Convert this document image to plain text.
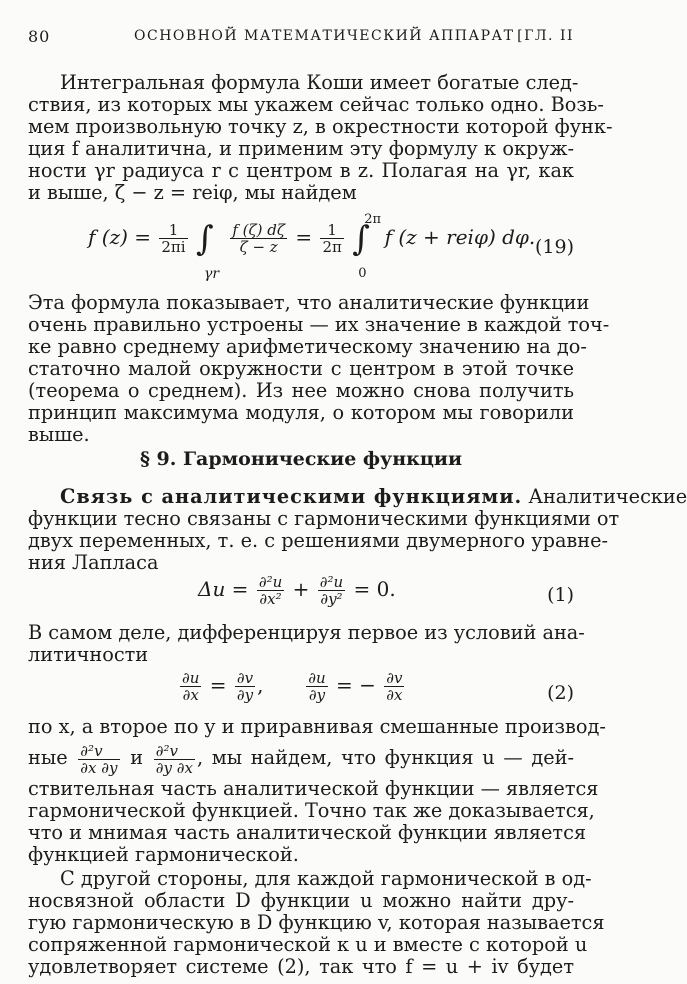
80	ОСНОВНОЙ МАТЕМАТИЧЕСКИЙ АППАРАТ [ГЛ. II
Интегральная формула Коши имеет богатые след-
ствия, из которых мы укажем сейчас только одно. Возь-
мем произвольную точку z, в окрестности которой функ-
ция f аналитична, и применим эту формулу к окруж-
ности γr радиуса r с центром в z. Полагая на γr, как
и выше, ζ − z = reiφ, мы найдем
f $(z) = \frac{1}{2\pi i}$ ∫
γr

$\frac{f (\zeta) d\zeta}{\zeta - z} = \frac{1}{2\pi}$ ∫
2π
0
f (z + reiφ) dφ. (19)
Эта формула показывает, что аналитические функции
очень правильно устроены — их значение в каждой точ-
ке равно среднему арифметическому значению на до-
статочно малой окружности с центром в этой точке
(теорема о среднем). Из нее можно снова получить
принцип максимума модуля, о котором мы говорили
выше.
§ 9. Гармонические функции
Связь с аналитическими функциями. Аналитические
функции тесно связаны с гармоническими функциями от
двух переменных, т. е. с решениями двумерного уравне-
ния Лапласа
$\Delta u = \frac{\text{∂²u}}{\text{∂x²}} + \frac{\text{∂²u}}{\text{∂y²}} = 0$.	(1)
В самом деле, дифференцируя первое из условий ана-
литичности
$\frac{\partial u}{\partial x} = \frac{\partial v}{\partial y}$ ,	$\frac{\partial u}{\partial y}$ = − $\frac{\partial v}{\partial x}$	(2)
по x, а второе по y и приравнивая смешанные производ-
ные $\frac{\text{∂²v}}{\partial x \partial y}$ и $\frac{\text{∂²v}}{\partial y \partial x}$ , мы найдем, что функция u — дей-
ствительная часть аналитической функции — является
гармонической функцией. Точно так же доказывается,
что и мнимая часть аналитической функции является
функцией гармонической.
С другой стороны, для каждой гармонической в од-
носвязной области D функции u можно найти дру-
гую гармоническую в D функцию v, которая называется
сопряженной гармонической к u и вместе с которой u
удовлетворяет системе (2), так что f = u + iv будет
